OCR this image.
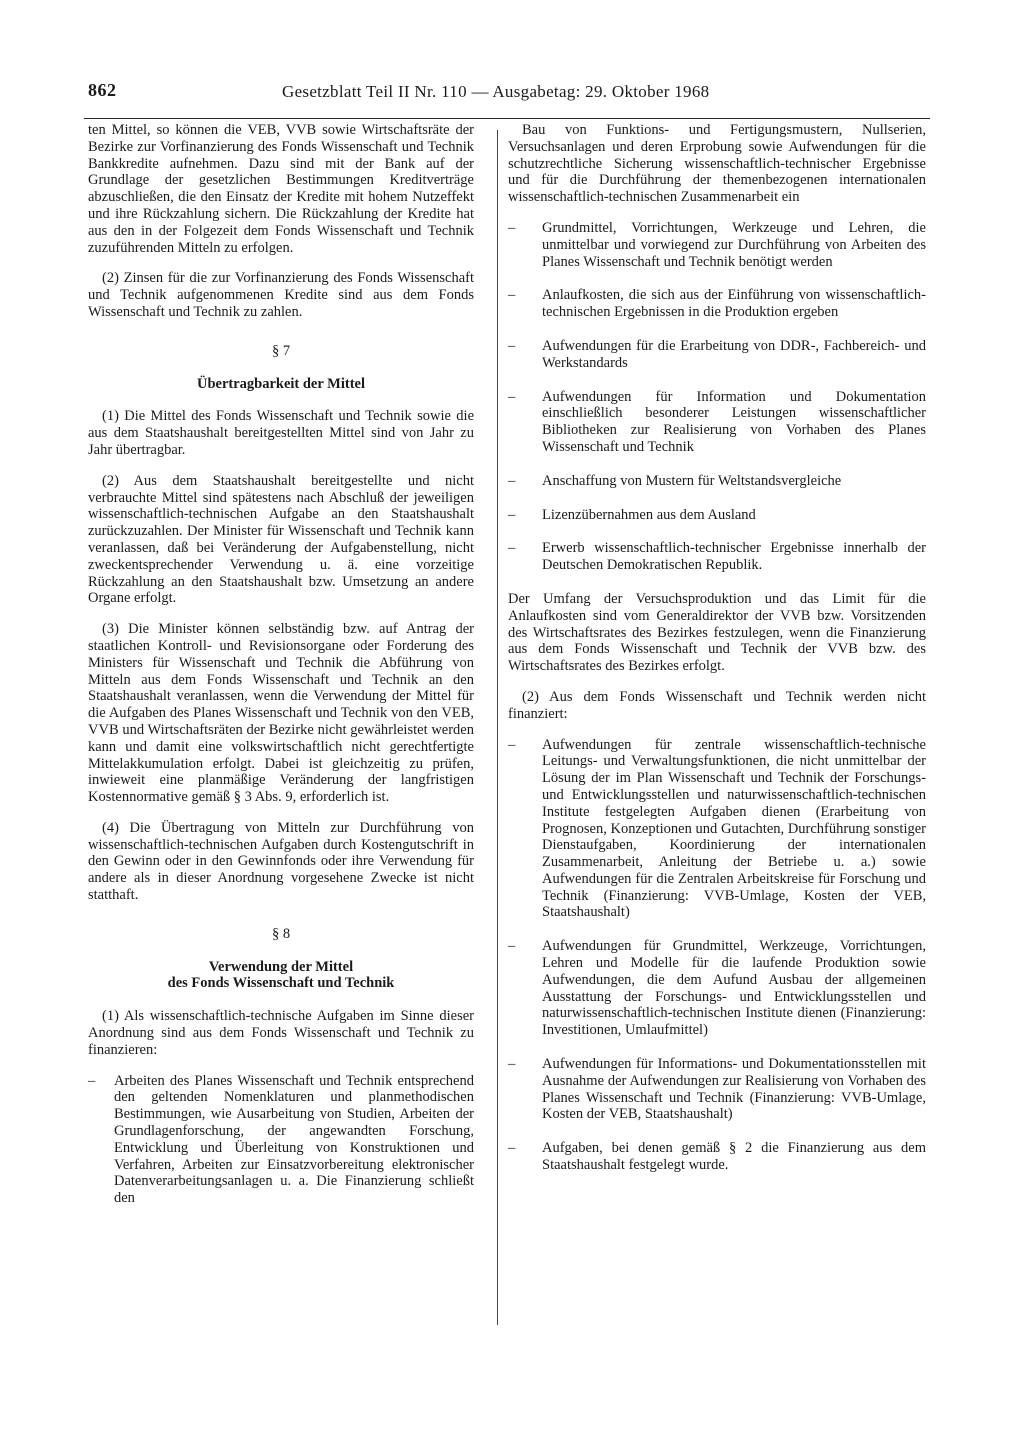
862	Gesetzblatt Teil II Nr. 110 — Ausgabetag: 29. Oktober 1968

ten Mittel, so können die VEB, VVB sowie Wirtschaftsräte der Bezirke zur Vorfinanzierung des Fonds Wissenschaft und Technik Bankkredite aufnehmen. Dazu sind mit der Bank auf der Grundlage der gesetzlichen Bestimmungen Kreditverträge abzuschließen, die den Einsatz der Kredite mit hohem Nutzeffekt und ihre Rückzahlung sichern. Die Rückzahlung der Kredite hat aus den in der Folgezeit dem Fonds Wissenschaft und Technik zuzuführenden Mitteln zu erfolgen.

(2) Zinsen für die zur Vorfinanzierung des Fonds Wissenschaft und Technik aufgenommenen Kredite sind aus dem Fonds Wissenschaft und Technik zu zahlen.

§ 7
Übertragbarkeit der Mittel

(1) Die Mittel des Fonds Wissenschaft und Technik sowie die aus dem Staatshaushalt bereitgestellten Mittel sind von Jahr zu Jahr übertragbar.

(2) Aus dem Staatshaushalt bereitgestellte und nicht verbrauchte Mittel sind spätestens nach Abschluß der jeweiligen wissenschaftlich-technischen Aufgabe an den Staatshaushalt zurückzuzahlen. Der Minister für Wissenschaft und Technik kann veranlassen, daß bei Veränderung der Aufgabenstellung, nicht zweckentsprechender Verwendung u. ä. eine vorzeitige Rückzahlung an den Staatshaushalt bzw. Umsetzung an andere Organe erfolgt.

(3) Die Minister können selbständig bzw. auf Antrag der staatlichen Kontroll- und Revisionsorgane oder Forderung des Ministers für Wissenschaft und Technik die Abführung von Mitteln aus dem Fonds Wissenschaft und Technik an den Staatshaushalt veranlassen, wenn die Verwendung der Mittel für die Aufgaben des Planes Wissenschaft und Technik von den VEB, VVB und Wirtschaftsräten der Bezirke nicht gewährleistet werden kann und damit eine volkswirtschaftlich nicht gerechtfertigte Mittelakkumulation erfolgt. Dabei ist gleichzeitig zu prüfen, inwieweit eine planmäßige Veränderung der langfristigen Kostennormative gemäß § 3 Abs. 9, erforderlich ist.

(4) Die Übertragung von Mitteln zur Durchführung von wissenschaftlich-technischen Aufgaben durch Kostengutschrift in den Gewinn oder in den Gewinnfonds oder ihre Verwendung für andere als in dieser Anordnung vorgesehene Zwecke ist nicht statthaft.

§ 8
Verwendung der Mittel
des Fonds Wissenschaft und Technik

(1) Als wissenschaftlich-technische Aufgaben im Sinne dieser Anordnung sind aus dem Fonds Wissenschaft und Technik zu finanzieren:

– Arbeiten des Planes Wissenschaft und Technik entsprechend den geltenden Nomenklaturen und planmethodischen Bestimmungen, wie Ausarbeitung von Studien, Arbeiten der Grundlagenforschung, der angewandten Forschung, Entwicklung und Überleitung von Konstruktionen und Verfahren, Arbeiten zur Einsatzvorbereitung elektronischer Datenverarbeitungsanlagen u. a. Die Finanzierung schließt den

Bau von Funktions- und Fertigungsmustern, Nullserien, Versuchsanlagen und deren Erprobung sowie Aufwendungen für die schutzrechtliche Sicherung wissenschaftlich-technischer Ergebnisse und für die Durchführung der themenbezogenen internationalen wissenschaftlich-technischen Zusammenarbeit ein

– Grundmittel, Vorrichtungen, Werkzeuge und Lehren, die unmittelbar und vorwiegend zur Durchführung von Arbeiten des Planes Wissenschaft und Technik benötigt werden
– Anlaufkosten, die sich aus der Einführung von wissenschaftlich-technischen Ergebnissen in die Produktion ergeben
– Aufwendungen für die Erarbeitung von DDR-, Fachbereich- und Werkstandards
– Aufwendungen für Information und Dokumentation einschließlich besonderer Leistungen wissenschaftlicher Bibliotheken zur Realisierung von Vorhaben des Planes Wissenschaft und Technik
– Anschaffung von Mustern für Weltstandsvergleiche
– Lizenzübernahmen aus dem Ausland
– Erwerb wissenschaftlich-technischer Ergebnisse innerhalb der Deutschen Demokratischen Republik.

Der Umfang der Versuchsproduktion und das Limit für die Anlaufkosten sind vom Generaldirektor der VVB bzw. Vorsitzenden des Wirtschaftsrates des Bezirkes festzulegen, wenn die Finanzierung aus dem Fonds Wissenschaft und Technik der VVB bzw. des Wirtschaftsrates des Bezirkes erfolgt.

(2) Aus dem Fonds Wissenschaft und Technik werden nicht finanziert:

– Aufwendungen für zentrale wissenschaftlich-technische Leitungs- und Verwaltungsfunktionen, die nicht unmittelbar der Lösung der im Plan Wissenschaft und Technik der Forschungs- und Entwicklungsstellen und naturwissenschaftlich-technischen Institute festgelegten Aufgaben dienen (Erarbeitung von Prognosen, Konzeptionen und Gutachten, Durchführung sonstiger Dienstaufgaben, Koordinierung der internationalen Zusammenarbeit, Anleitung der Betriebe u. a.) sowie Aufwendungen für die Zentralen Arbeitskreise für Forschung und Technik (Finanzierung: VVB-Umlage, Kosten der VEB, Staatshaushalt)
– Aufwendungen für Grundmittel, Werkzeuge, Vorrichtungen, Lehren und Modelle für die laufende Produktion sowie Aufwendungen, die dem Aufund Ausbau der allgemeinen Ausstattung der Forschungs- und Entwicklungsstellen und naturwissenschaftlich-technischen Institute dienen (Finanzierung: Investitionen, Umlaufmittel)
– Aufwendungen für Informations- und Dokumentationsstellen mit Ausnahme der Aufwendungen zur Realisierung von Vorhaben des Planes Wissenschaft und Technik (Finanzierung: VVB-Umlage, Kosten der VEB, Staatshaushalt)
– Aufgaben, bei denen gemäß § 2 die Finanzierung aus dem Staatshaushalt festgelegt wurde.
